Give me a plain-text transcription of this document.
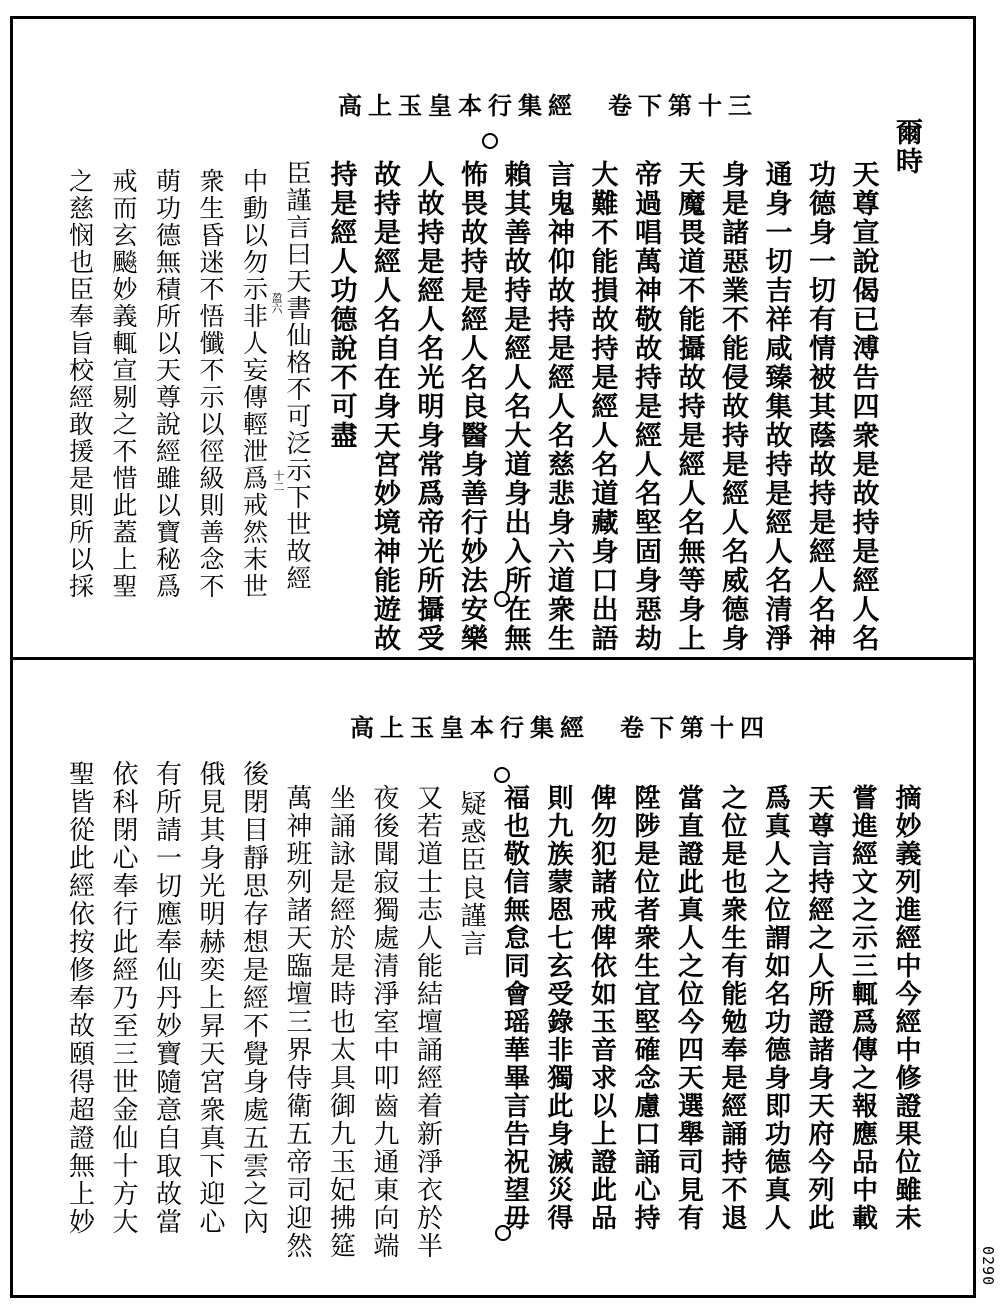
0290
高上玉皇本行集經　卷下第十三
爾時
天尊宣說偈已溥告四衆是故持是經人名
功德身一切有情被其蔭故持是經人名神
通身一切吉祥咸臻集故持是經人名清淨
身是諸惡業不能侵故持是經人名威德身
天魔畏道不能攝故持是經人名無等身上
帝過唱萬神敬故持是經人名堅固身惡劫
大難不能損故持是經人名道藏身口出語
言鬼神仰故持是經人名慈悲身六道衆生
賴其善故持是經人名大道身出入所在無
怖畏故持是經人名良醫身善行妙法安樂
人故持是經人名光明身常爲帝光所攝受
故持是經人名自在身天宮妙境神能遊故
持是經人功德說不可盡
臣謹言曰天書仙格不可泛示下世故經
中動以勿示非人妄傳輕泄爲戒然末世
衆生昏迷不悟懺不示以徑級則善念不
萌功德無積所以天尊說經雖以寶秘爲
戒而玄飈妙義輒宣剔之不惜此蓋上聖
之慈悯也臣奉旨校經敢援是則所以採	盈六
十二
高上玉皇本行集經　卷下第十四
摘妙義列進經中今經中修證果位雖未
嘗進經文之示三輒爲傳之報應品中載
天尊言持經之人所證諸身天府今列此
爲真人之位謂如名功德身即功德真人
之位是也衆生有能勉奉是經誦持不退
當直證此真人之位今四天選舉司見有
陞陟是位者衆生宜堅確念慮口誦心持
俾勿犯諸戒俾依如玉音求以上證此品
則九族蒙恩七玄受錄非獨此身滅災得
福也敬信無怠同會瑶華畢言告祝望毋
疑惑臣良謹言
又若道士志人能結壇誦經着新淨衣於半
夜後聞寂獨處清淨室中叩齒九通東向端
坐誦詠是經於是時也太具御九玉妃拂筵
萬神班列諸天臨壇三界侍衛五帝司迎然
後閉目靜思存想是經不覺身處五雲之內
俄見其身光明赫奕上昇天宮衆真下迎心
有所請一切應奉仙丹妙寶隨意自取故當
依科閉心奉行此經乃至三世金仙十方大
聖皆從此經依按修奉故頤得超證無上妙
